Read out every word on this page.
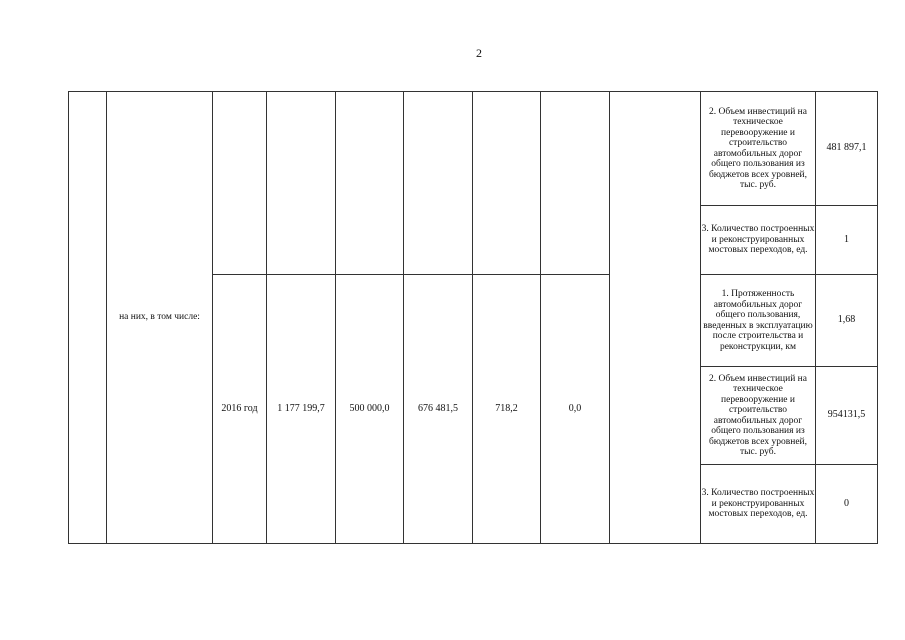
2
	на них, в том числе:								2. Объем инвестиций на техническое перевооружение и строительство автомобильных дорог общего пользования из бюджетов всех уровней, тыс. руб.	481 897,1
									3. Количество построенных и реконструированных мостовых переходов, ед.	1
		2016 год	1 177 199,7	500 000,0	676 481,5	718,2	0,0		1. Протяженность автомобильных дорог общего пользования, введенных в эксплуатацию после строительства и реконструкции, км	1,68
									2. Объем инвестиций на техническое перевооружение и строительство автомобильных дорог общего пользования из бюджетов всех уровней, тыс. руб.	954131,5
									3. Количество построенных и реконструированных мостовых переходов, ед.	0
